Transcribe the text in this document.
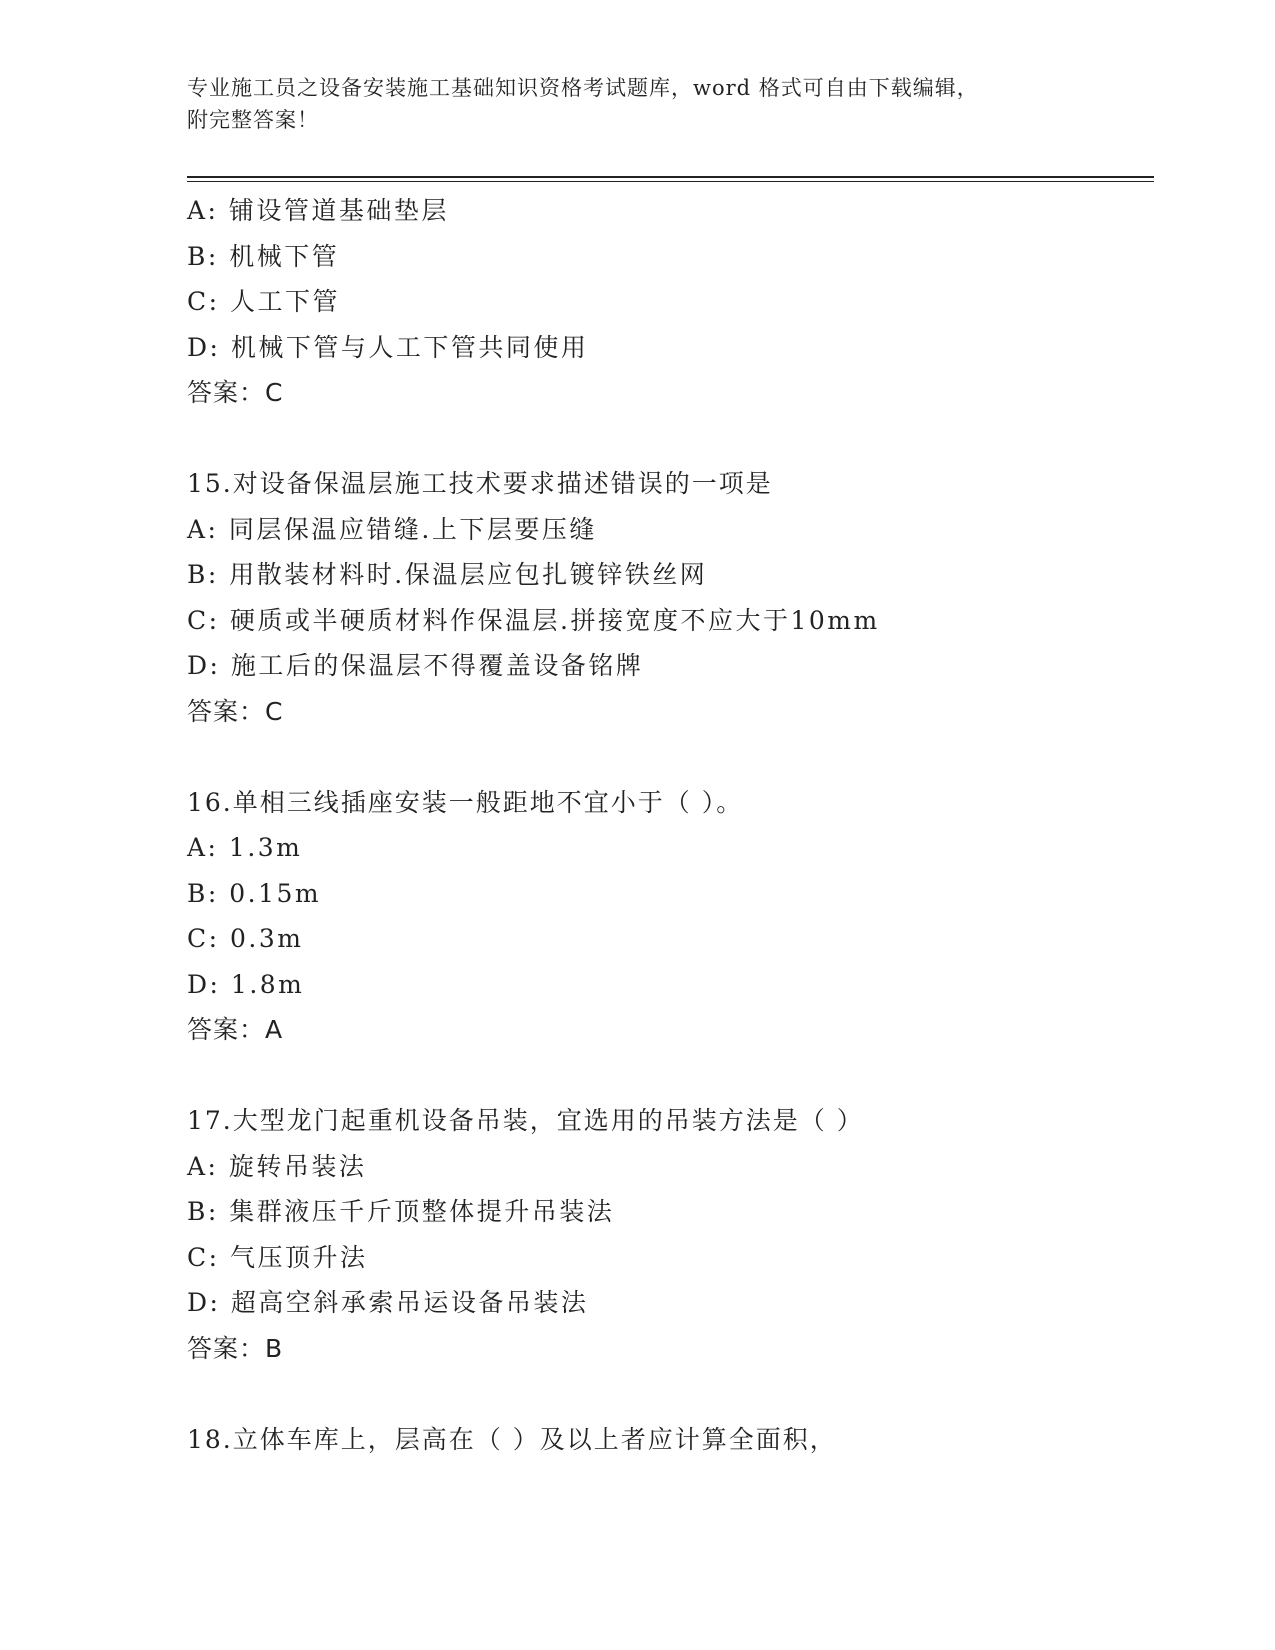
专业施工员之设备安装施工基础知识资格考试题库，word 格式可自由下载编辑，
附完整答案！
A: 铺设管道基础垫层
B: 机械下管
C: 人工下管
D: 机械下管与人工下管共同使用
答案：C
15.对设备保温层施工技术要求描述错误的一项是
A: 同层保温应错缝.上下层要压缝
B: 用散装材料时.保温层应包扎镀锌铁丝网
C: 硬质或半硬质材料作保温层.拼接宽度不应大于10mm
D: 施工后的保温层不得覆盖设备铭牌
答案：C
16.单相三线插座安装一般距地不宜小于（ ）。
A: 1.3m
B: 0.15m
C: 0.3m
D: 1.8m
答案：A
17.大型龙门起重机设备吊装，宜选用的吊装方法是（ ）
A: 旋转吊装法
B: 集群液压千斤顶整体提升吊装法
C: 气压顶升法
D: 超高空斜承索吊运设备吊装法
答案：B
18.立体车库上，层高在（ ）及以上者应计算全面积，
